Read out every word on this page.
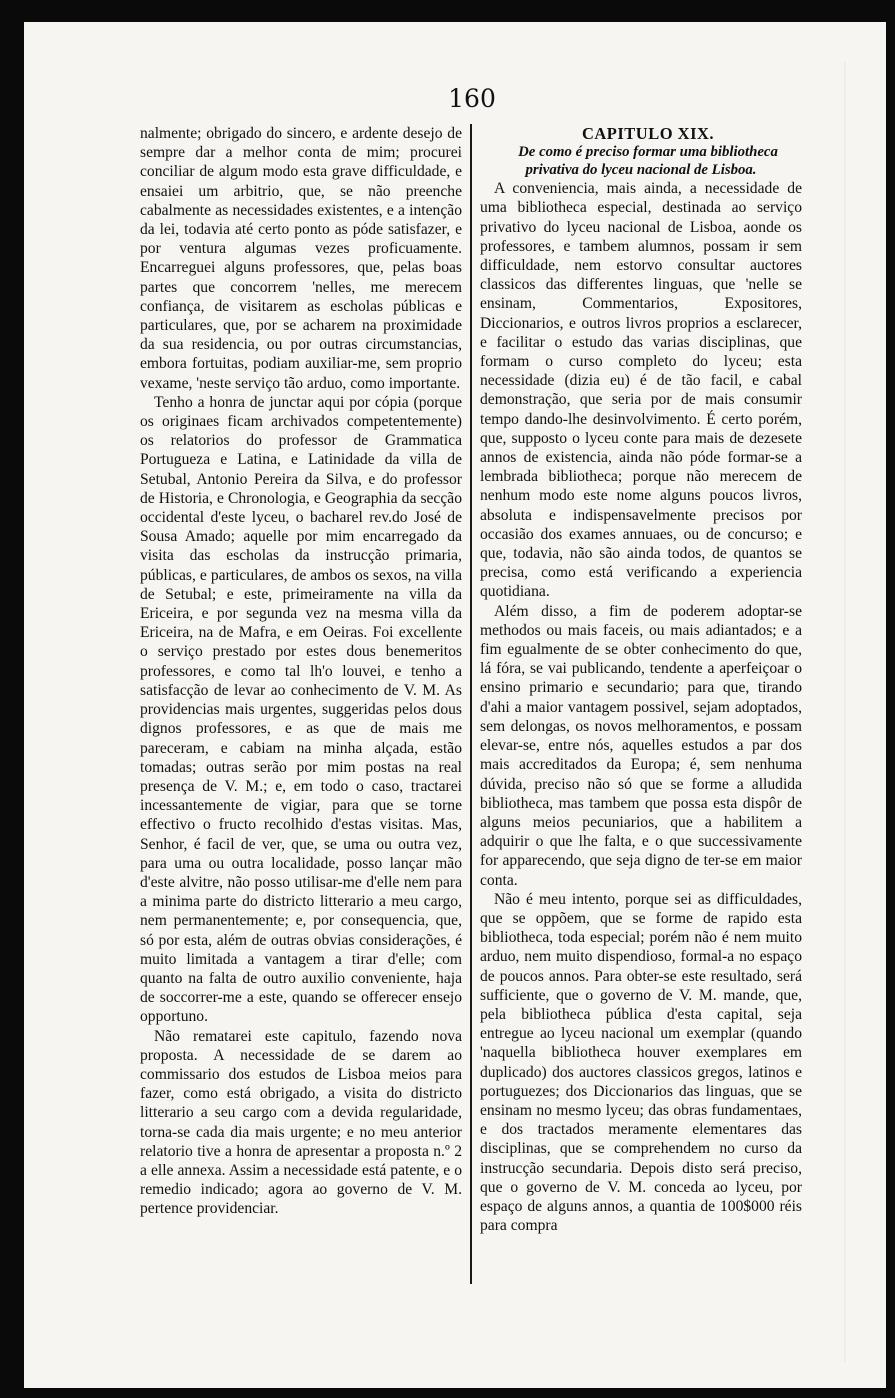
160

nalmente; obrigado do sincero, e ardente desejo de sempre dar a melhor conta de mim; procurei conciliar de algum modo esta grave difficuldade, e ensaiei um arbitrio, que, se não preenche cabalmente as necessidades existentes, e a intenção da lei, todavia até certo ponto as póde satisfazer, e por ventura algumas vezes proficuamente. Encarreguei alguns professores, que, pelas boas partes que concorrem 'nelles, me merecem confiança, de visitarem as escholas públicas e particulares, que, por se acharem na proximidade da sua residencia, ou por outras circumstancias, embora fortuitas, podiam auxiliar-me, sem proprio vexame, 'neste serviço tão arduo, como importante.

Tenho a honra de junctar aqui por cópia (porque os originaes ficam archivados competentemente) os relatorios do professor de Grammatica Portugueza e Latina, e Latinidade da villa de Setubal, Antonio Pereira da Silva, e do professor de Historia, e Chronologia, e Geographia da secção occidental d'este lyceu, o bacharel rev.do José de Sousa Amado; aquelle por mim encarregado da visita das escholas da instrucção primaria, públicas, e particulares, de ambos os sexos, na villa de Setubal; e este, primeiramente na villa da Ericeira, e por segunda vez na mesma villa da Ericeira, na de Mafra, e em Oeiras. Foi excellente o serviço prestado por estes dous benemeritos professores, e como tal lh'o louvei, e tenho a satisfacção de levar ao conhecimento de V. M. As providencias mais urgentes, suggeridas pelos dous dignos professores, e as que de mais me pareceram, e cabiam na minha alçada, estão tomadas; outras serão por mim postas na real presença de V. M.; e, em todo o caso, tractarei incessantemente de vigiar, para que se torne effectivo o fructo recolhido d'estas visitas. Mas, Senhor, é facil de ver, que, se uma ou outra vez, para uma ou outra localidade, posso lançar mão d'este alvitre, não posso utilisar-me d'elle nem para a minima parte do districto litterario a meu cargo, nem permanentemente; e, por consequencia, que, só por esta, além de outras obvias considerações, é muito limitada a vantagem a tirar d'elle; com quanto na falta de outro auxilio conveniente, haja de soccorrer-me a este, quando se offerecer ensejo opportuno.

Não rematarei este capitulo, fazendo nova proposta. A necessidade de se darem ao commissario dos estudos de Lisboa meios para fazer, como está obrigado, a visita do districto litterario a seu cargo com a devida regularidade, torna-se cada dia mais urgente; e no meu anterior relatorio tive a honra de apresentar a proposta n.º 2 a elle annexa. Assim a necessidade está patente, e o remedio indicado; agora ao governo de V. M. pertence providenciar.

CAPITULO XIX.

De como é preciso formar uma bibliotheca privativa do lyceu nacional de Lisboa.

A conveniencia, mais ainda, a necessidade de uma bibliotheca especial, destinada ao serviço privativo do lyceu nacional de Lisboa, aonde os professores, e tambem alumnos, possam ir sem difficuldade, nem estorvo consultar auctores classicos das differentes linguas, que 'nelle se ensinam, Commentarios, Expositores, Diccionarios, e outros livros proprios a esclarecer, e facilitar o estudo das varias disciplinas, que formam o curso completo do lyceu; esta necessidade (dizia eu) é de tão facil, e cabal demonstração, que seria por de mais consumir tempo dando-lhe desinvolvimento. É certo porém, que, supposto o lyceu conte para mais de dezesete annos de existencia, ainda não póde formar-se a lembrada bibliotheca; porque não merecem de nenhum modo este nome alguns poucos livros, absoluta e indispensavelmente precisos por occasião dos exames annuaes, ou de concurso; e que, todavia, não são ainda todos, de quantos se precisa, como está verificando a experiencia quotidiana.

Além disso, a fim de poderem adoptar-se methodos ou mais faceis, ou mais adiantados; e a fim egualmente de se obter conhecimento do que, lá fóra, se vai publicando, tendente a aperfeiçoar o ensino primario e secundario; para que, tirando d'ahi a maior vantagem possivel, sejam adoptados, sem delongas, os novos melhoramentos, e possam elevar-se, entre nós, aquelles estudos a par dos mais accreditados da Europa; é, sem nenhuma dúvida, preciso não só que se forme a alludida bibliotheca, mas tambem que possa esta dispôr de alguns meios pecuniarios, que a habilitem a adquirir o que lhe falta, e o que successivamente for apparecendo, que seja digno de ter-se em maior conta.

Não é meu intento, porque sei as difficuldades, que se oppõem, que se forme de rapido esta bibliotheca, toda especial; porém não é nem muito arduo, nem muito dispendioso, formal-a no espaço de poucos annos. Para obter-se este resultado, será sufficiente, que o governo de V. M. mande, que, pela bibliotheca pública d'esta capital, seja entregue ao lyceu nacional um exemplar (quando 'naquella bibliotheca houver exemplares em duplicado) dos auctores classicos gregos, latinos e portuguezes; dos Diccionarios das linguas, que se ensinam no mesmo lyceu; das obras fundamentaes, e dos tractados meramente elementares das disciplinas, que se comprehendem no curso da instrucção secundaria. Depois disto será preciso, que o governo de V. M. conceda ao lyceu, por espaço de alguns annos, a quantia de 100$000 réis para compra
